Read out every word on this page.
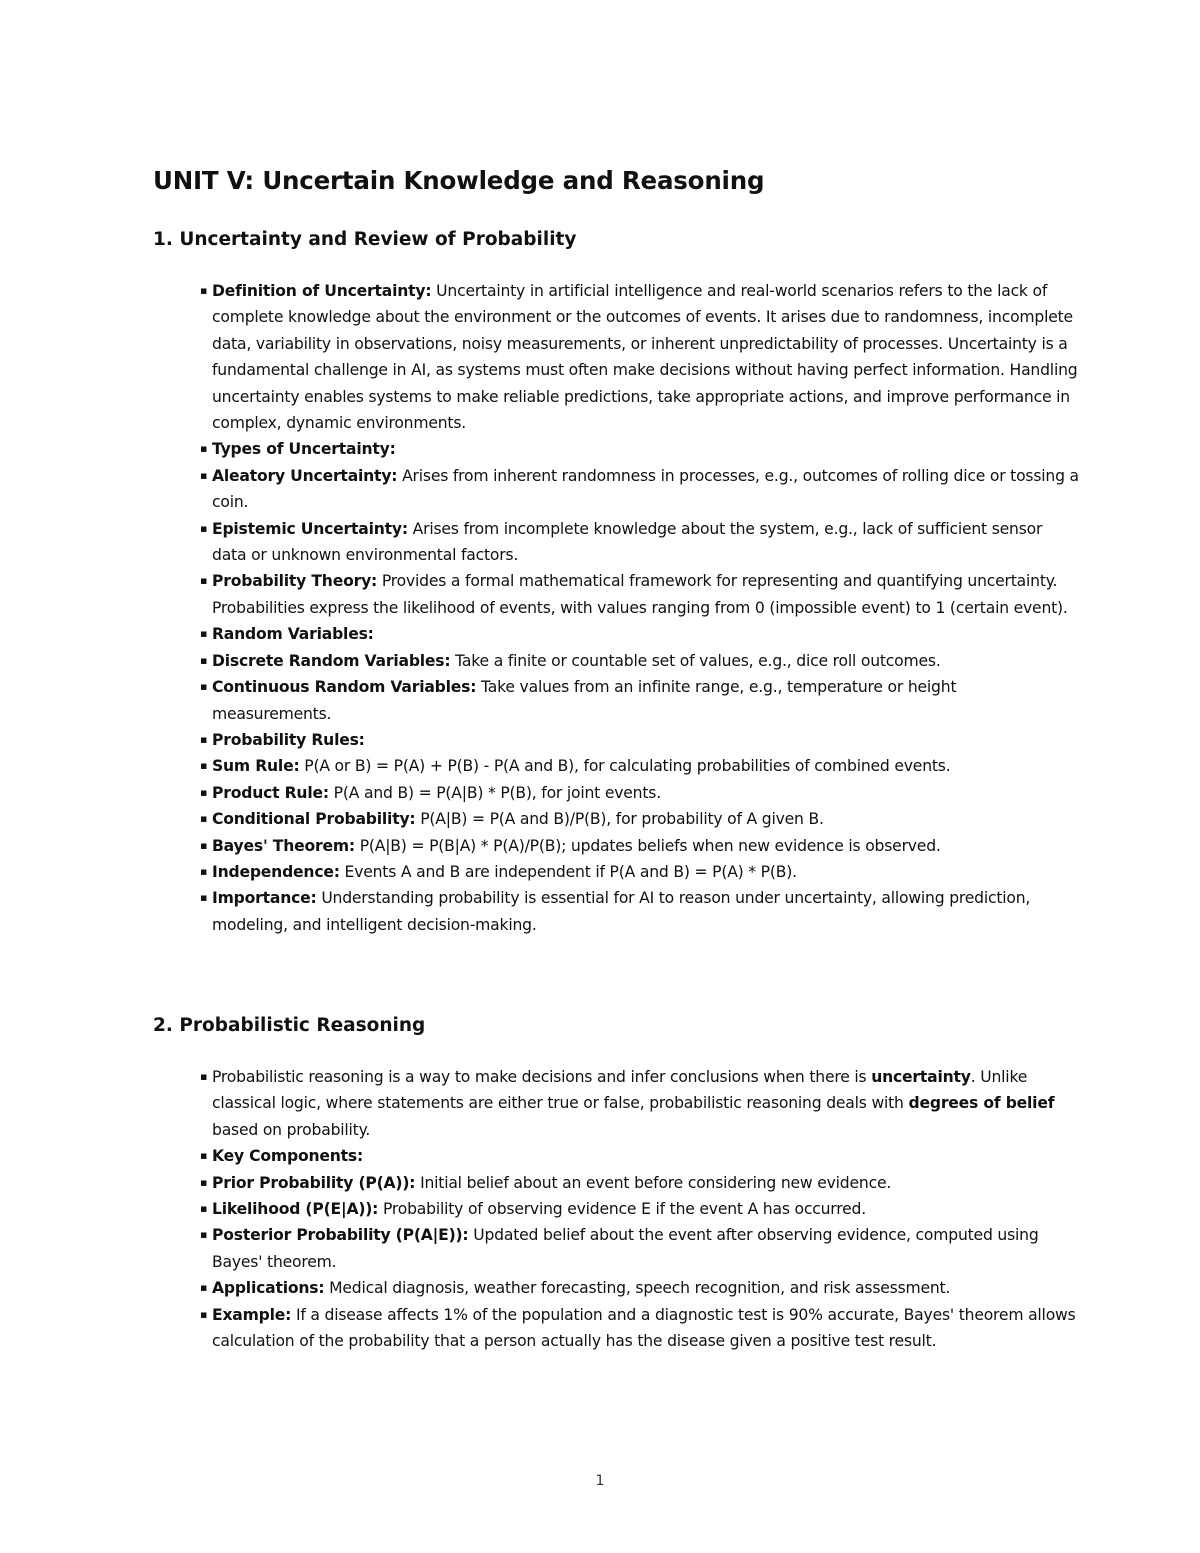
UNIT V: Uncertain Knowledge and Reasoning
1. Uncertainty and Review of Probability
▪ Definition of Uncertainty: Uncertainty in artificial intelligence and real-world scenarios refers to the lack of complete knowledge about the environment or the outcomes of events. It arises due to randomness, incomplete data, variability in observations, noisy measurements, or inherent unpredictability of processes. Uncertainty is a fundamental challenge in AI, as systems must often make decisions without having perfect information. Handling uncertainty enables systems to make reliable predictions, take appropriate actions, and improve performance in complex, dynamic environments.
▪ Types of Uncertainty:
▪ Aleatory Uncertainty: Arises from inherent randomness in processes, e.g., outcomes of rolling dice or tossing a coin.
▪ Epistemic Uncertainty: Arises from incomplete knowledge about the system, e.g., lack of sufficient sensor data or unknown environmental factors.
▪ Probability Theory: Provides a formal mathematical framework for representing and quantifying uncertainty. Probabilities express the likelihood of events, with values ranging from 0 (impossible event) to 1 (certain event).
▪ Random Variables:
▪ Discrete Random Variables: Take a finite or countable set of values, e.g., dice roll outcomes.
▪ Continuous Random Variables: Take values from an infinite range, e.g., temperature or height measurements.
▪ Probability Rules:
▪ Sum Rule: P(A or B) = P(A) + P(B) - P(A and B), for calculating probabilities of combined events.
▪ Product Rule: P(A and B) = P(A|B) * P(B), for joint events.
▪ Conditional Probability: P(A|B) = P(A and B)/P(B), for probability of A given B.
▪ Bayes' Theorem: P(A|B) = P(B|A) * P(A)/P(B); updates beliefs when new evidence is observed.
▪ Independence: Events A and B are independent if P(A and B) = P(A) * P(B).
▪ Importance: Understanding probability is essential for AI to reason under uncertainty, allowing prediction, modeling, and intelligent decision-making.
2. Probabilistic Reasoning
▪ Probabilistic reasoning is a way to make decisions and infer conclusions when there is uncertainty. Unlike classical logic, where statements are either true or false, probabilistic reasoning deals with degrees of belief based on probability.
▪ Key Components:
▪ Prior Probability (P(A)): Initial belief about an event before considering new evidence.
▪ Likelihood (P(E|A)): Probability of observing evidence E if the event A has occurred.
▪ Posterior Probability (P(A|E)): Updated belief about the event after observing evidence, computed using Bayes' theorem.
▪ Applications: Medical diagnosis, weather forecasting, speech recognition, and risk assessment.
▪ Example: If a disease affects 1% of the population and a diagnostic test is 90% accurate, Bayes' theorem allows calculation of the probability that a person actually has the disease given a positive test result.
1
